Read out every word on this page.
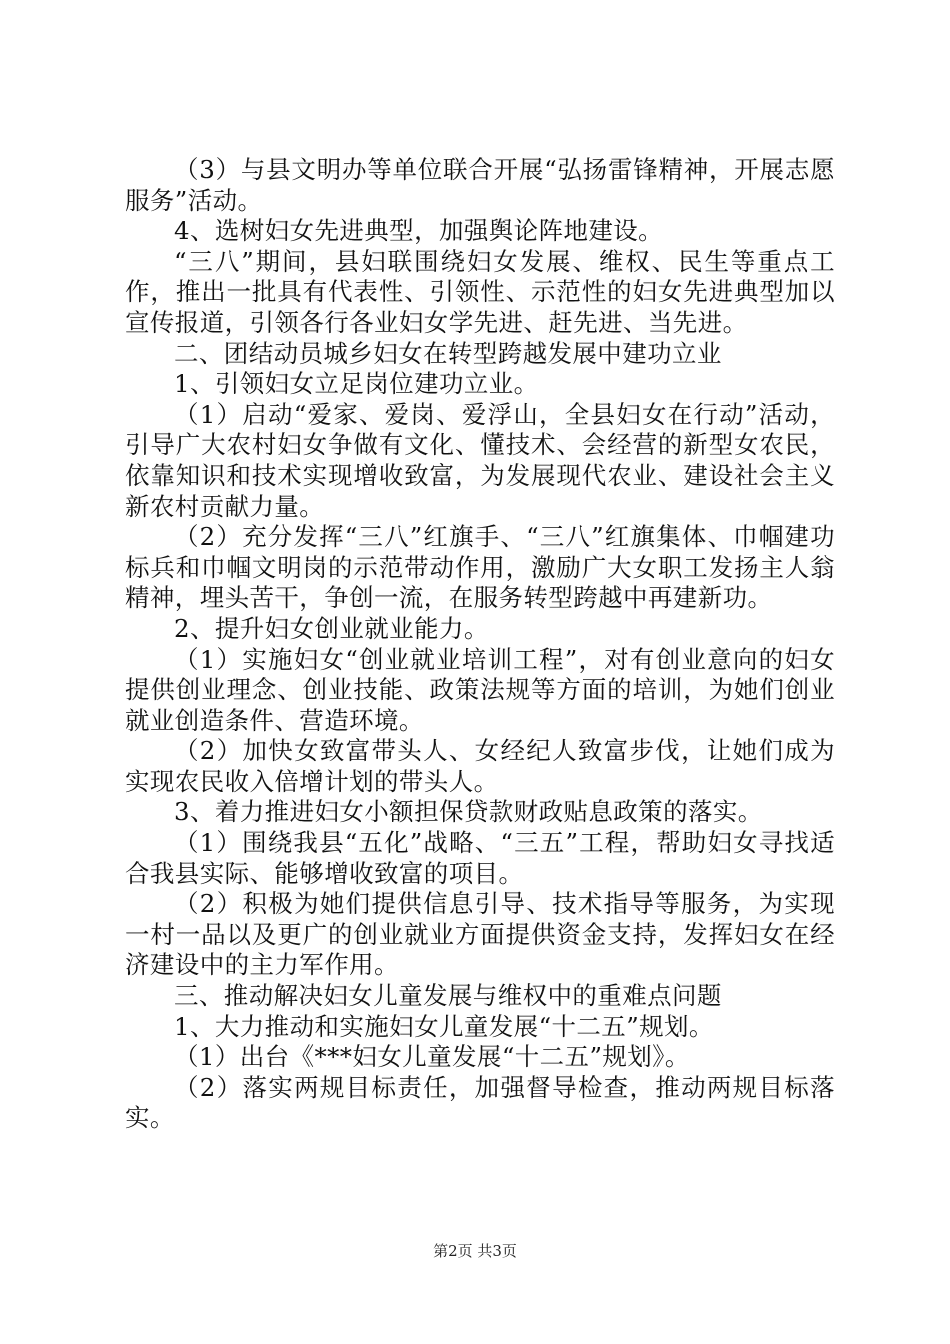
（3）与县文明办等单位联合开展“弘扬雷锋精神，开展志愿服务”活动。

4、选树妇女先进典型，加强舆论阵地建设。

“三八”期间，县妇联围绕妇女发展、维权、民生等重点工作，推出一批具有代表性、引领性、示范性的妇女先进典型加以宣传报道，引领各行各业妇女学先进、赶先进、当先进。

二、团结动员城乡妇女在转型跨越发展中建功立业

1、引领妇女立足岗位建功立业。

（1）启动“爱家、爱岗、爱浮山，全县妇女在行动”活动，引导广大农村妇女争做有文化、懂技术、会经营的新型女农民，依靠知识和技术实现增收致富，为发展现代农业、建设社会主义新农村贡献力量。

（2）充分发挥“三八”红旗手、“三八”红旗集体、巾帼建功标兵和巾帼文明岗的示范带动作用，激励广大女职工发扬主人翁精神，埋头苦干，争创一流，在服务转型跨越中再建新功。

2、提升妇女创业就业能力。

（1）实施妇女“创业就业培训工程”，对有创业意向的妇女提供创业理念、创业技能、政策法规等方面的培训，为她们创业就业创造条件、营造环境。

（2）加快女致富带头人、女经纪人致富步伐，让她们成为实现农民收入倍增计划的带头人。

3、着力推进妇女小额担保贷款财政贴息政策的落实。

（1）围绕我县“五化”战略、“三五”工程，帮助妇女寻找适合我县实际、能够增收致富的项目。

（2）积极为她们提供信息引导、技术指导等服务，为实现一村一品以及更广的创业就业方面提供资金支持，发挥妇女在经济建设中的主力军作用。

三、推动解决妇女儿童发展与维权中的重难点问题

1、大力推动和实施妇女儿童发展“十二五”规划。

（1）出台《***妇女儿童发展“十二五”规划》。

（2）落实两规目标责任，加强督导检查，推动两规目标落实。

第2页 共3页
